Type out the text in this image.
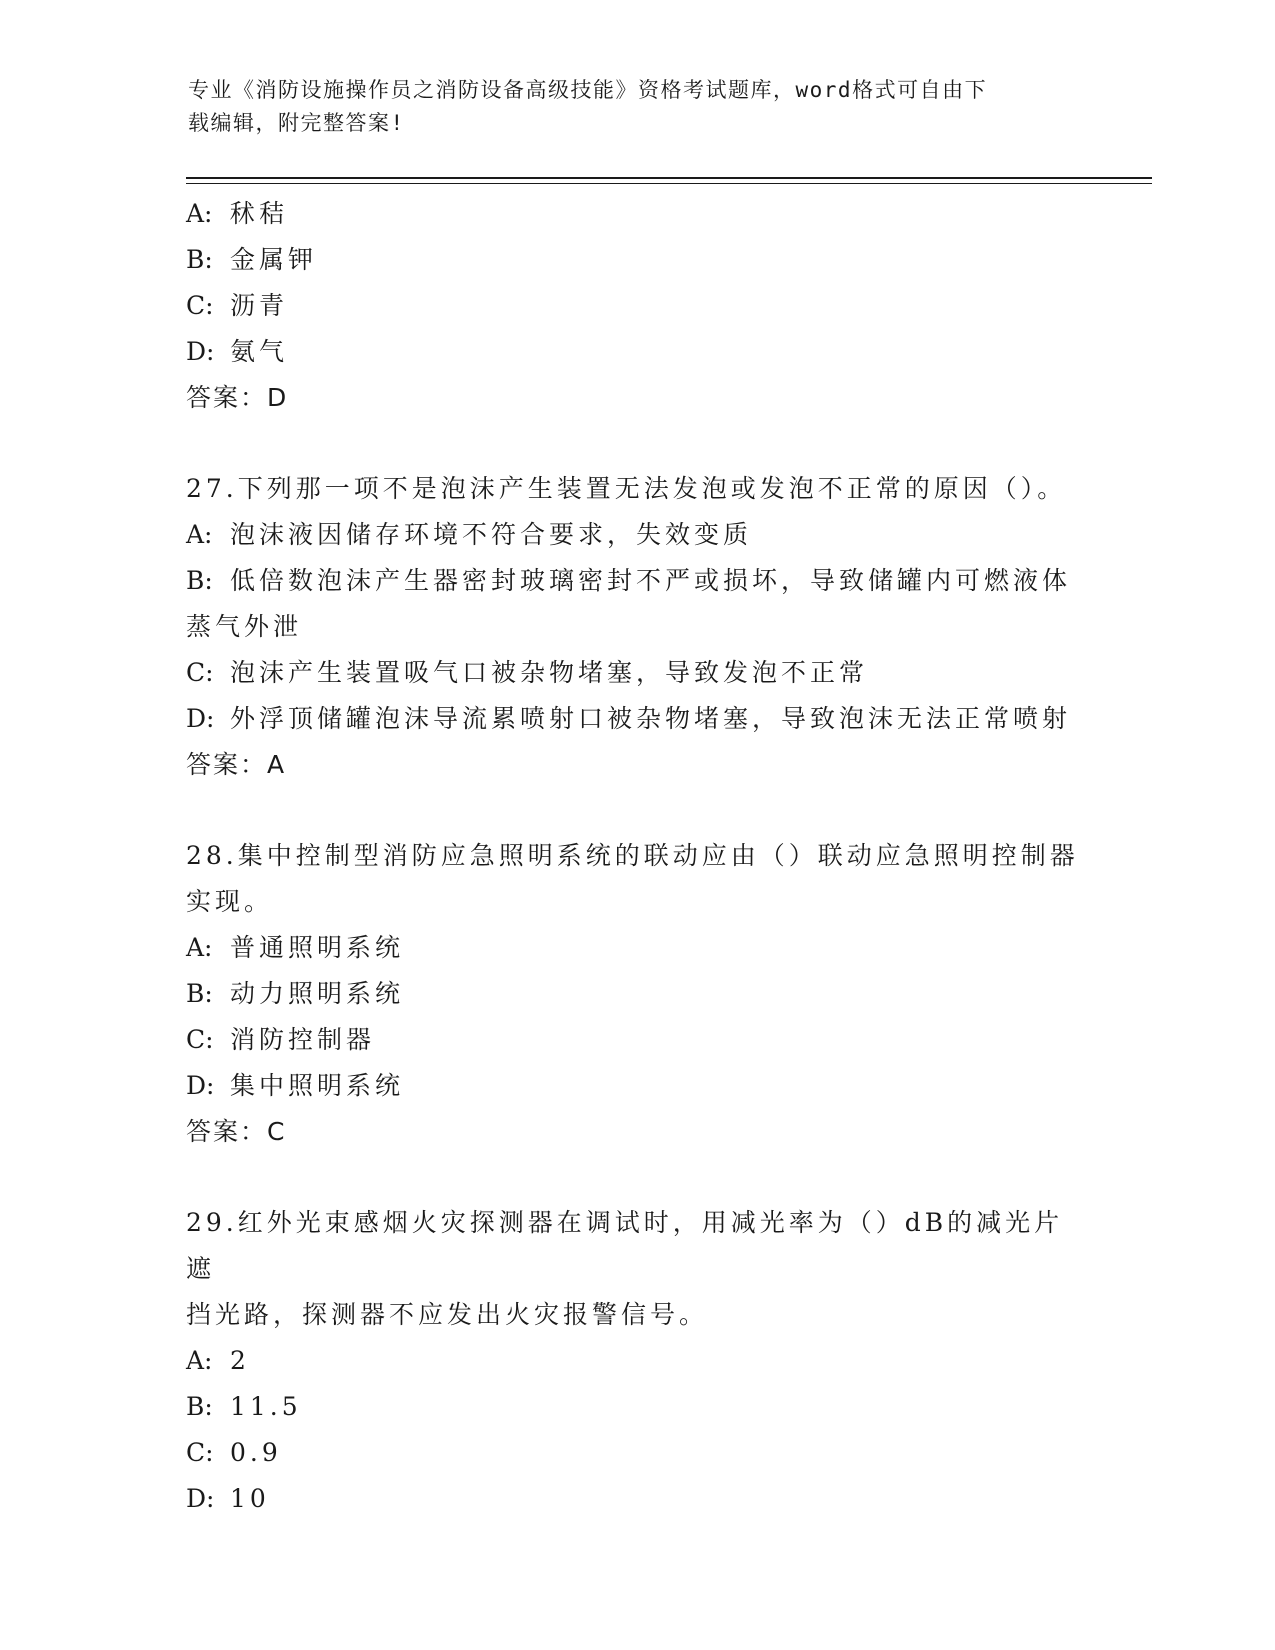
专业《消防设施操作员之消防设备高级技能》资格考试题库，word格式可自由下
载编辑，附完整答案!
A: 秫秸
B: 金属钾
C: 沥青
D: 氨气
答案：D
27.下列那一项不是泡沫产生装置无法发泡或发泡不正常的原因（）。
A: 泡沫液因储存环境不符合要求，失效变质
B: 低倍数泡沫产生器密封玻璃密封不严或损坏，导致储罐内可燃液体
蒸气外泄
C: 泡沫产生装置吸气口被杂物堵塞，导致发泡不正常
D: 外浮顶储罐泡沫导流累喷射口被杂物堵塞，导致泡沫无法正常喷射
答案：A
28.集中控制型消防应急照明系统的联动应由（）联动应急照明控制器
实现。
A: 普通照明系统
B: 动力照明系统
C: 消防控制器
D: 集中照明系统
答案：C
29.红外光束感烟火灾探测器在调试时，用减光率为（）dB的减光片遮
挡光路，探测器不应发出火灾报警信号。
A: 2
B: 11.5
C: 0.9
D: 10
